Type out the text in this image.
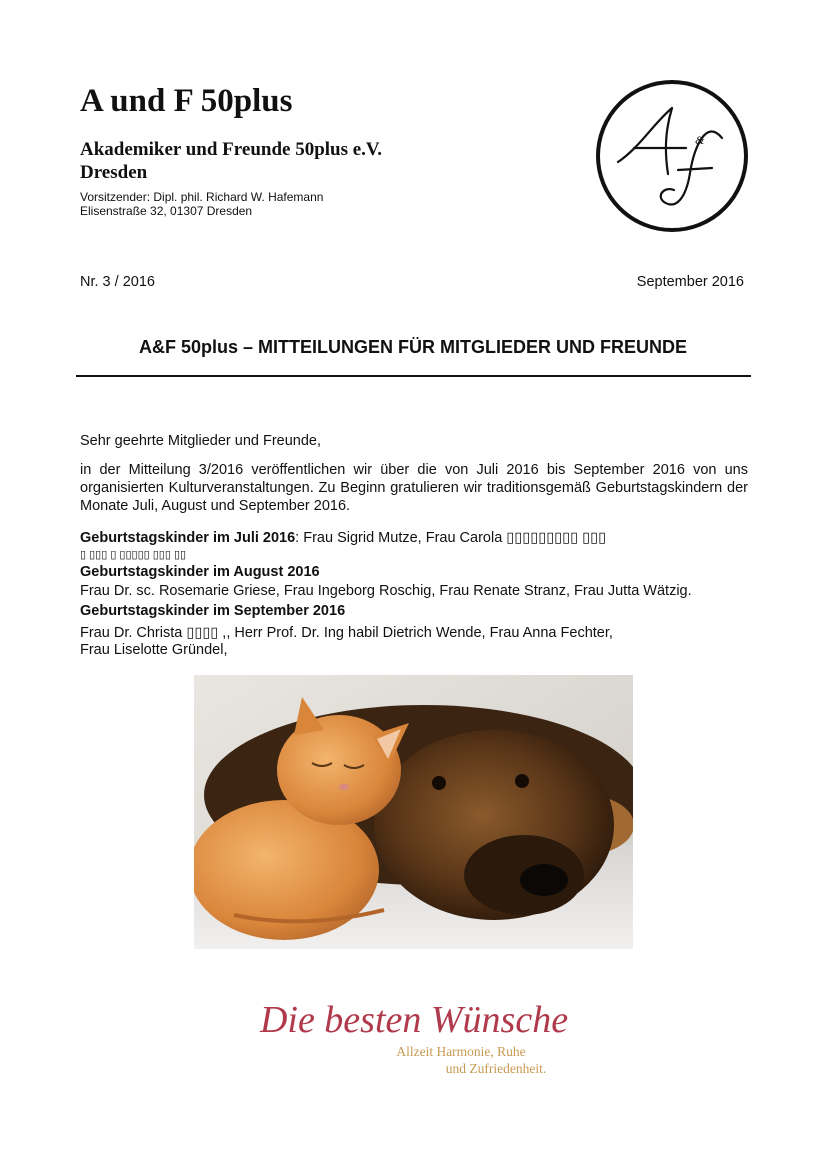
A und F 50plus
Akademiker und Freunde 50plus e.V.
Dresden

Vorsitzender: Dipl. phil. Richard W. Hafemann

Elisenstraße 32, 01307 Dresden

&

Nr. 3 / 2016	September 2016

A&F 50plus – MITTEILUNGEN FÜR MITGLIEDER UND FREUNDE

Sehr geehrte Mitglieder und Freunde,

in der Mitteilung 3/2016 veröffentlichen wir über die von Juli 2016 bis September 2016 von uns organisierten Kulturveranstaltungen. Zu Beginn gratulieren wir traditionsgemäß Geburtstagskindern der Monate Juli, August und September 2016.

Geburtstagskinder im Juli 2016: Frau Sigrid Mutze, Frau Carola ▯▯▯▯▯▯▯▯▯ ▯▯▯

▯ ▯▯▯ ▯ ▯▯▯▯▯ ▯▯▯ ▯▯

Geburtstagskinder im August 2016

Frau Dr. sc. Rosemarie Griese, Frau Ingeborg Roschig, Frau Renate Stranz, Frau Jutta Wätzig.

Geburtstagskinder im September 2016

Frau Dr. Christa ▯▯▯▯ ,, Herr Prof. Dr. Ing habil Dietrich Wende, Frau Anna Fechter,

Frau Liselotte Gründel,

Die besten Wünsche
Allzeit Harmonie, Ruhe
und Zufriedenheit.
